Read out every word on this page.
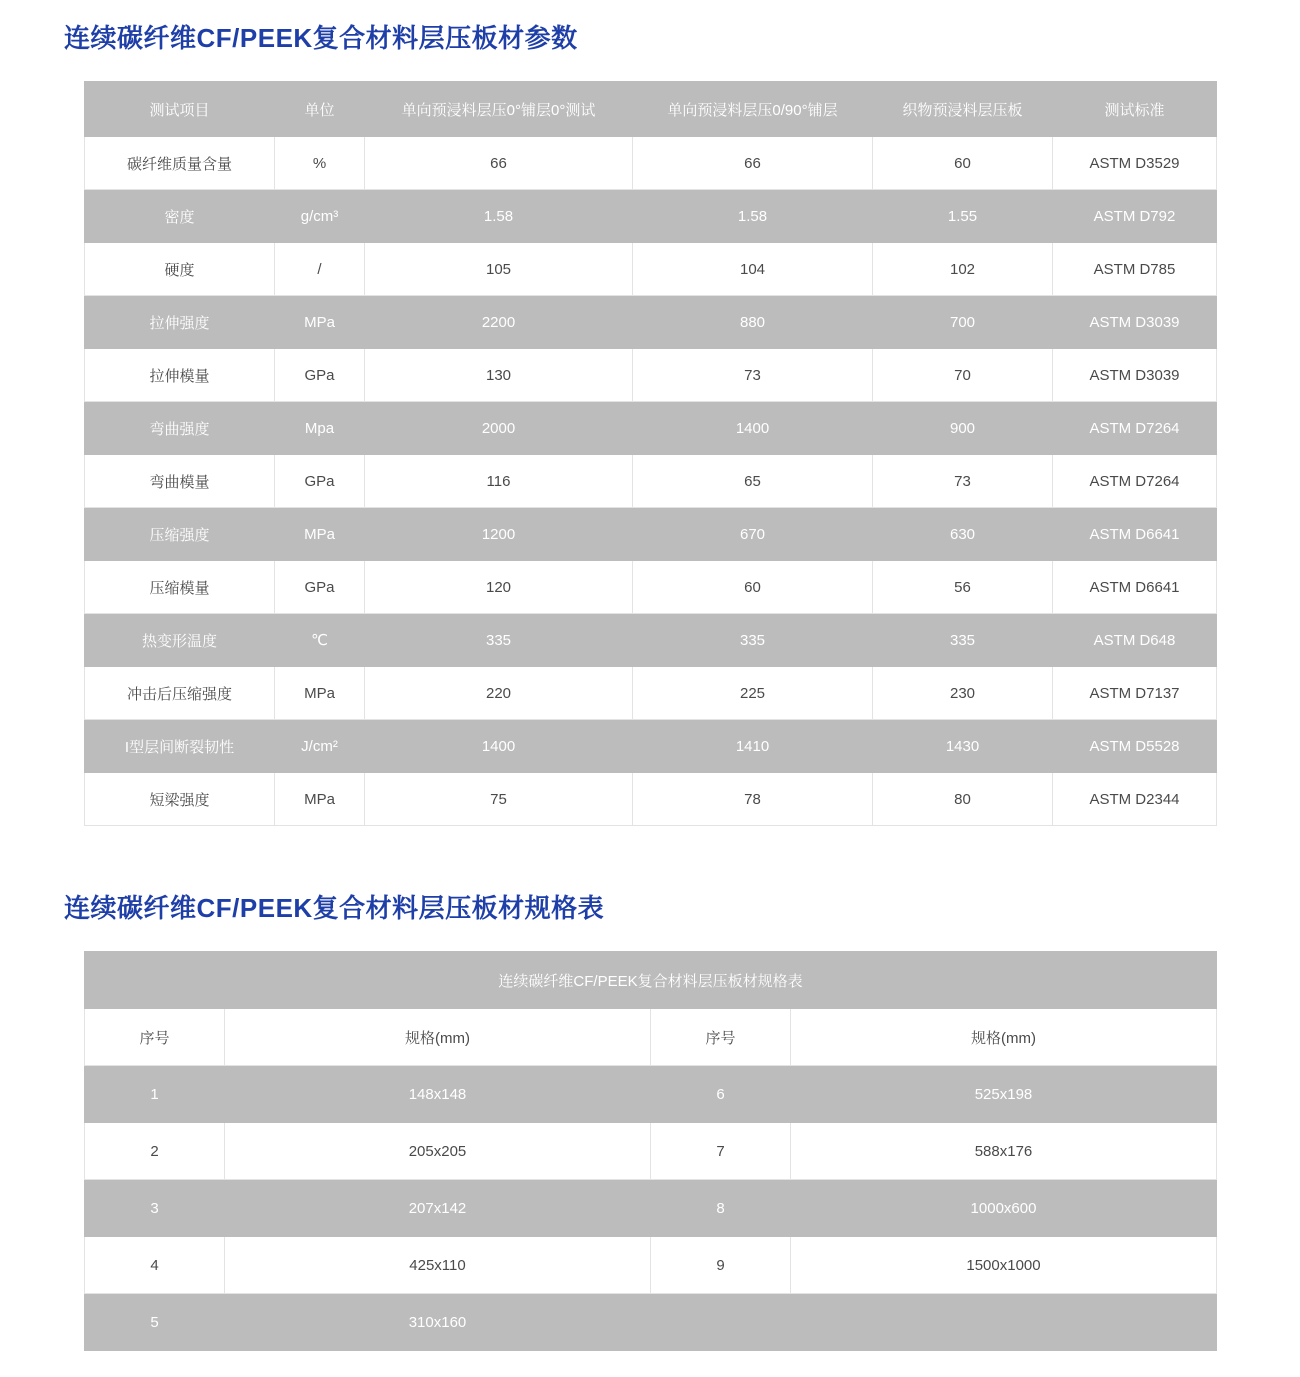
连续碳纤维CF/PEEK复合材料层压板材参数
测试项目	单位	单向预浸料层压0°铺层0°测试	单向预浸料层压0/90°铺层	织物预浸料层压板	测试标准
碳纤维质量含量	%	66	66	60	ASTM D3529
密度	g/cm³	1.58	1.58	1.55	ASTM D792
硬度	/	105	104	102	ASTM D785
拉伸强度	MPa	2200	880	700	ASTM D3039
拉伸模量	GPa	130	73	70	ASTM D3039
弯曲强度	Mpa	2000	1400	900	ASTM D7264
弯曲模量	GPa	116	65	73	ASTM D7264
压缩强度	MPa	1200	670	630	ASTM D6641
压缩模量	GPa	120	60	56	ASTM D6641
热变形温度	℃	335	335	335	ASTM D648
冲击后压缩强度	MPa	220	225	230	ASTM D7137
I型层间断裂韧性	J/cm²	1400	1410	1430	ASTM D5528
短梁强度	MPa	75	78	80	ASTM D2344
连续碳纤维CF/PEEK复合材料层压板材规格表
连续碳纤维CF/PEEK复合材料层压板材规格表			
序号	规格(mm)	序号	规格(mm)
1	148x148	6	525x198
2	205x205	7	588x176
3	207x142	8	1000x600
4	425x110	9	1500x1000
5	310x160		
